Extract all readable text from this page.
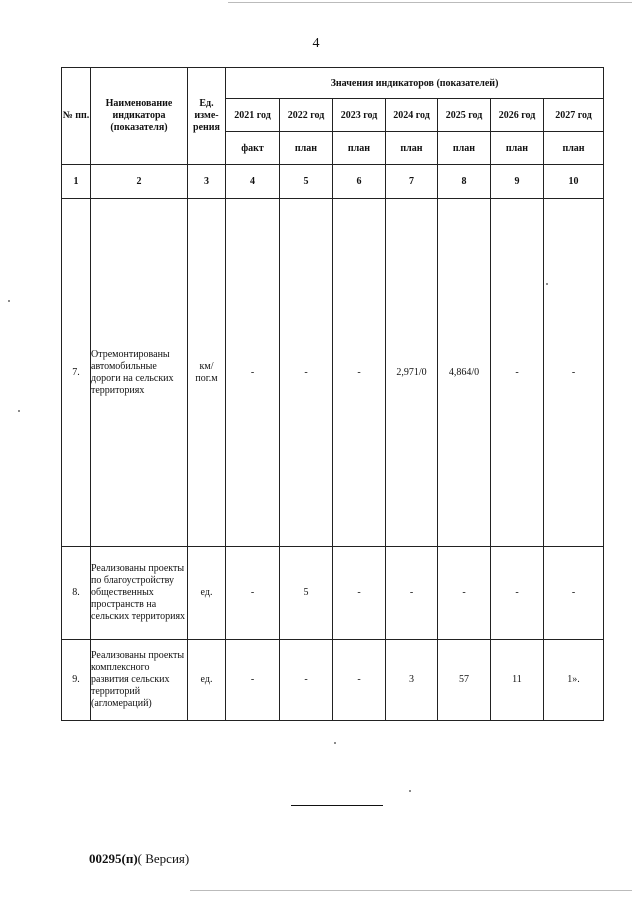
4
№ пп.	Наименование индикатора (показателя)	Ед. изме-рения	Значения индикаторов (показателей)						
			2021 год	2022 год	2023 год	2024 год	2025 год	2026 год	2027 год
			факт	план	план	план	план	план	план
1	2	3	4	5	6	7	8	9	10
7.	Отремонтированы автомобильные дороги на сельских территориях	км/ пог.м	-	-	-	2,971/0	4,864/0	-	-
8.	Реализованы проекты по благоустройству общественных пространств на сельских территориях	ед.	-	5	-	-	-	-	-
9.	Реализованы проекты комплексного развития сельских территорий (агломераций)	ед.	-	-	-	3	57	11	1».
00295(п)( Версия)
